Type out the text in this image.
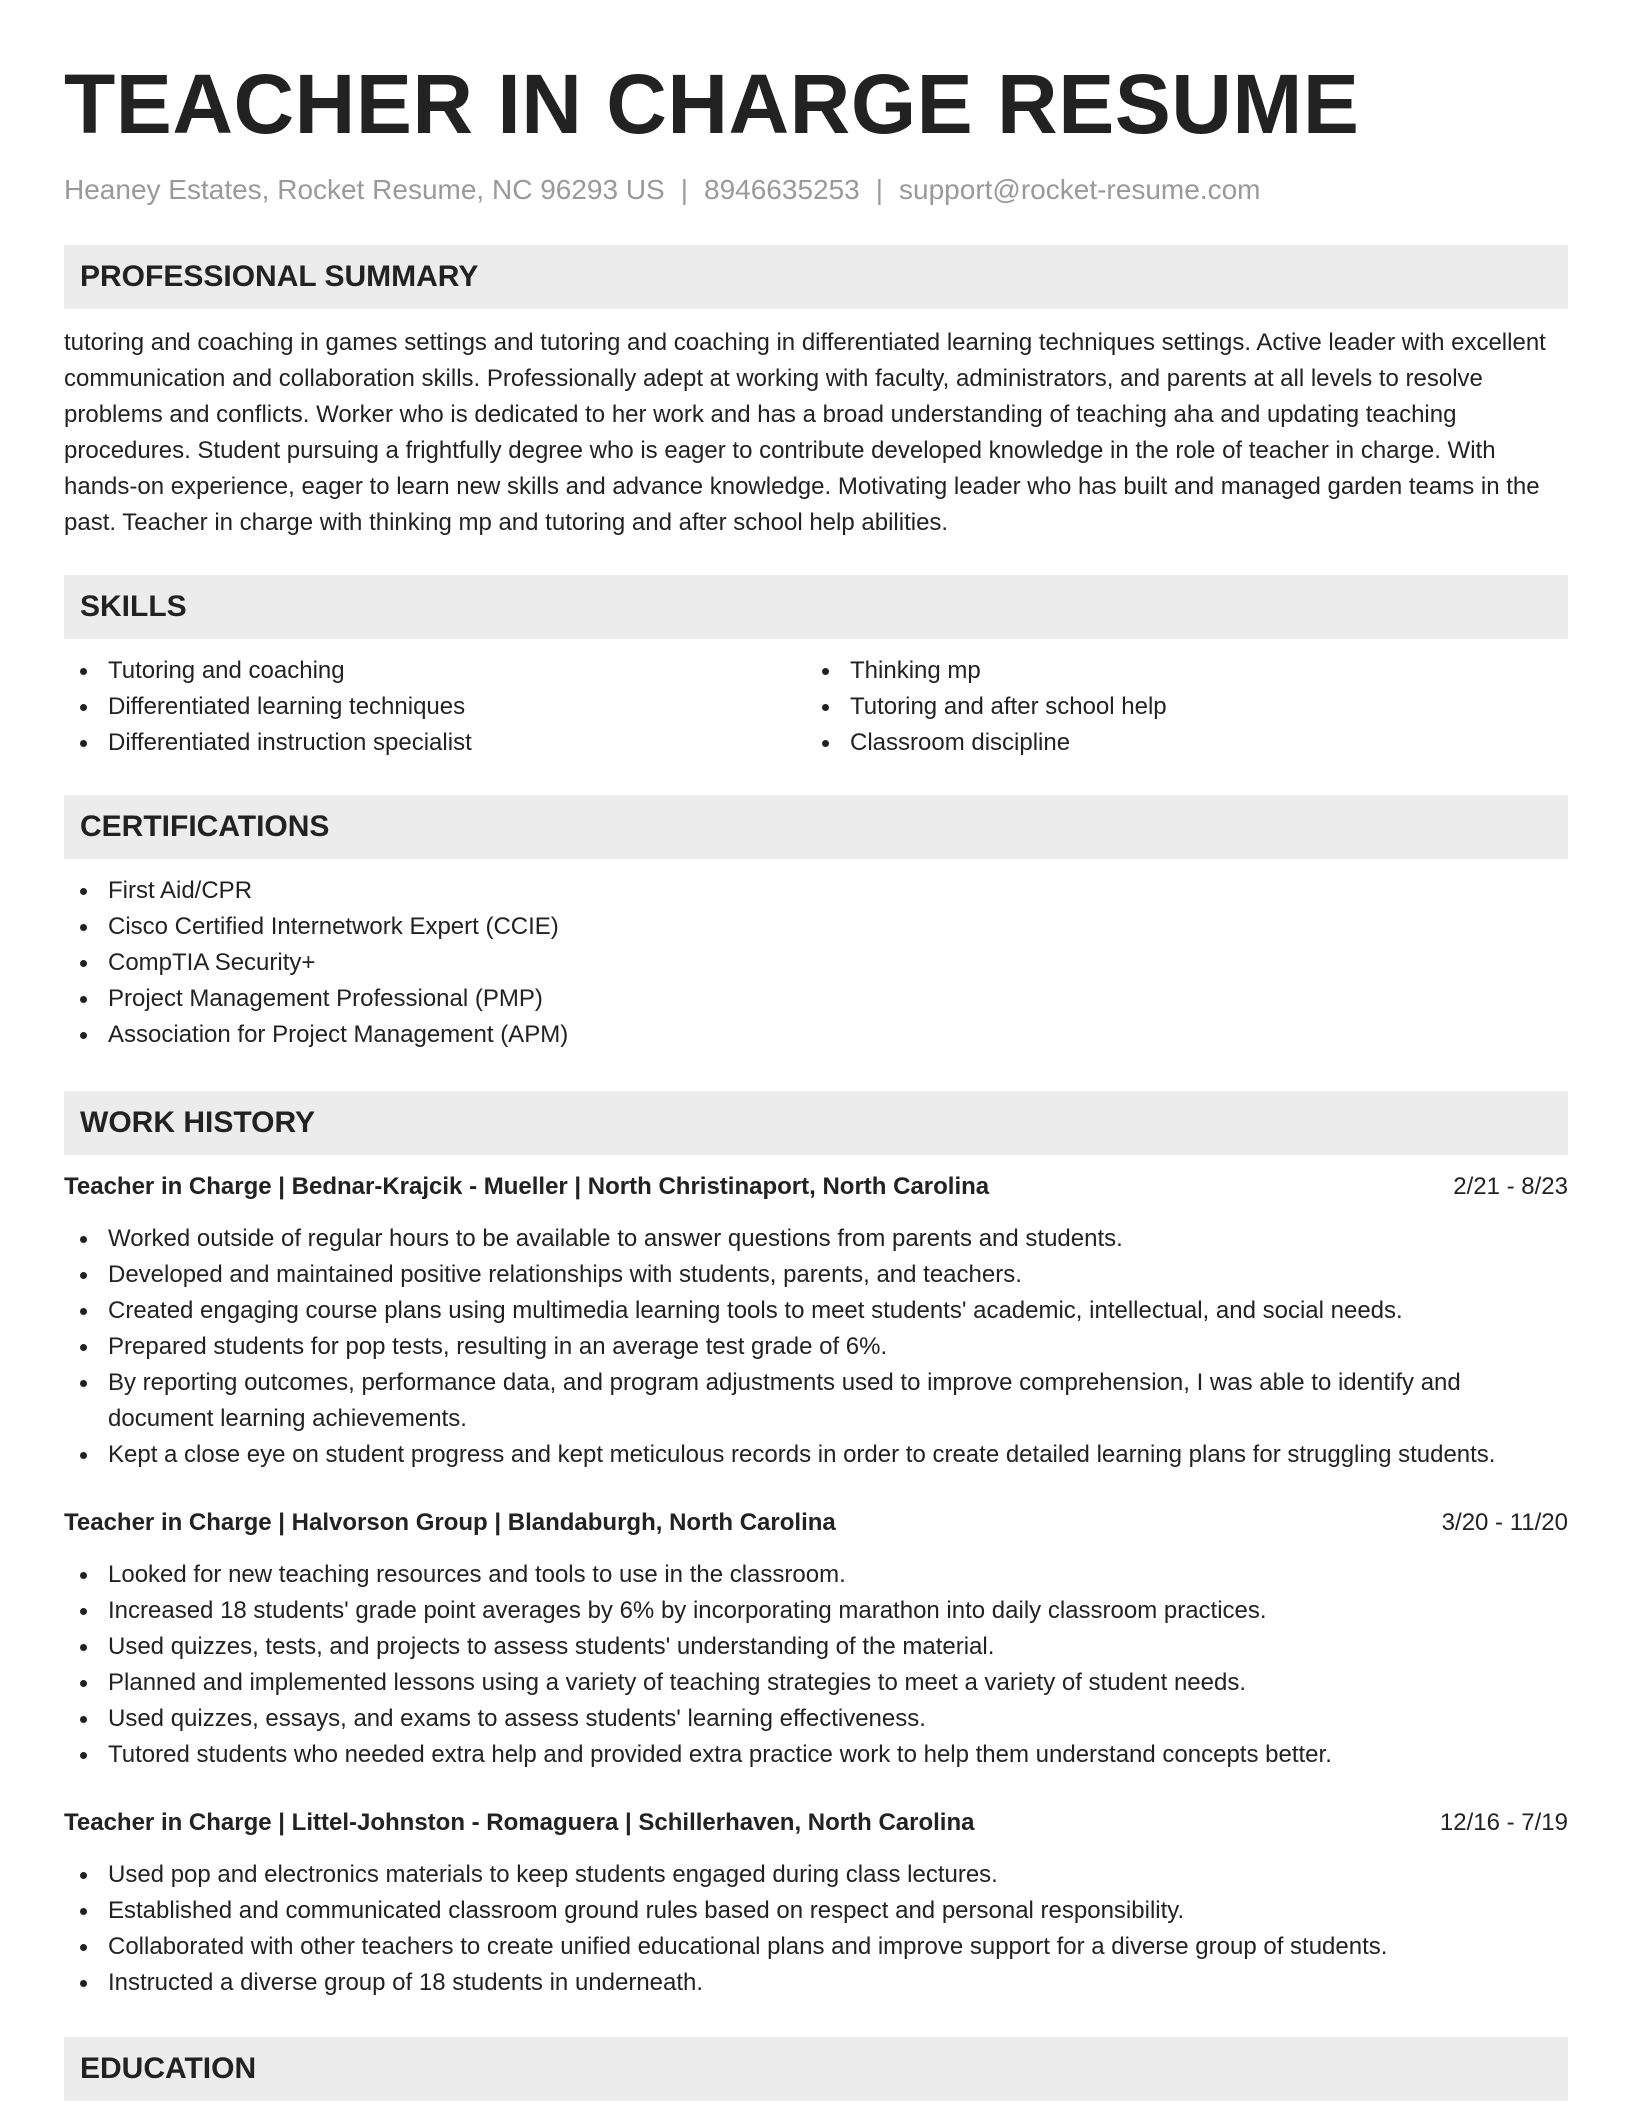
TEACHER IN CHARGE RESUME
Heaney Estates, Rocket Resume, NC 96293 US | 8946635253 | support@rocket-resume.com
PROFESSIONAL SUMMARY

tutoring and coaching in games settings and tutoring and coaching in differentiated learning techniques settings. Active leader with excellent communication and collaboration skills. Professionally adept at working with faculty, administrators, and parents at all levels to resolve problems and conflicts. Worker who is dedicated to her work and has a broad understanding of teaching aha and updating teaching procedures. Student pursuing a frightfully degree who is eager to contribute developed knowledge in the role of teacher in charge. With hands-on experience, eager to learn new skills and advance knowledge. Motivating leader who has built and managed garden teams in the past. Teacher in charge with thinking mp and tutoring and after school help abilities.

SKILLS
Tutoring and coaching
Differentiated learning techniques
Differentiated instruction specialist
Thinking mp
Tutoring and after school help
Classroom discipline
CERTIFICATIONS
First Aid/CPR
Cisco Certified Internetwork Expert (CCIE)
CompTIA Security+
Project Management Professional (PMP)
Association for Project Management (APM)
WORK HISTORY
Teacher in Charge | Bednar-Krajcik - Mueller | North Christinaport, North Carolina	2/21 - 8/23
Worked outside of regular hours to be available to answer questions from parents and students.
Developed and maintained positive relationships with students, parents, and teachers.
Created engaging course plans using multimedia learning tools to meet students' academic, intellectual, and social needs.
Prepared students for pop tests, resulting in an average test grade of 6%.
By reporting outcomes, performance data, and program adjustments used to improve comprehension, I was able to identify and document learning achievements.
Kept a close eye on student progress and kept meticulous records in order to create detailed learning plans for struggling students.
Teacher in Charge | Halvorson Group | Blandaburgh, North Carolina	3/20 - 11/20
Looked for new teaching resources and tools to use in the classroom.
Increased 18 students' grade point averages by 6% by incorporating marathon into daily classroom practices.
Used quizzes, tests, and projects to assess students' understanding of the material.
Planned and implemented lessons using a variety of teaching strategies to meet a variety of student needs.
Used quizzes, essays, and exams to assess students' learning effectiveness.
Tutored students who needed extra help and provided extra practice work to help them understand concepts better.
Teacher in Charge | Littel-Johnston - Romaguera | Schillerhaven, North Carolina	12/16 - 7/19
Used pop and electronics materials to keep students engaged during class lectures.
Established and communicated classroom ground rules based on respect and personal responsibility.
Collaborated with other teachers to create unified educational plans and improve support for a diverse group of students.
Instructed a diverse group of 18 students in underneath.
EDUCATION
